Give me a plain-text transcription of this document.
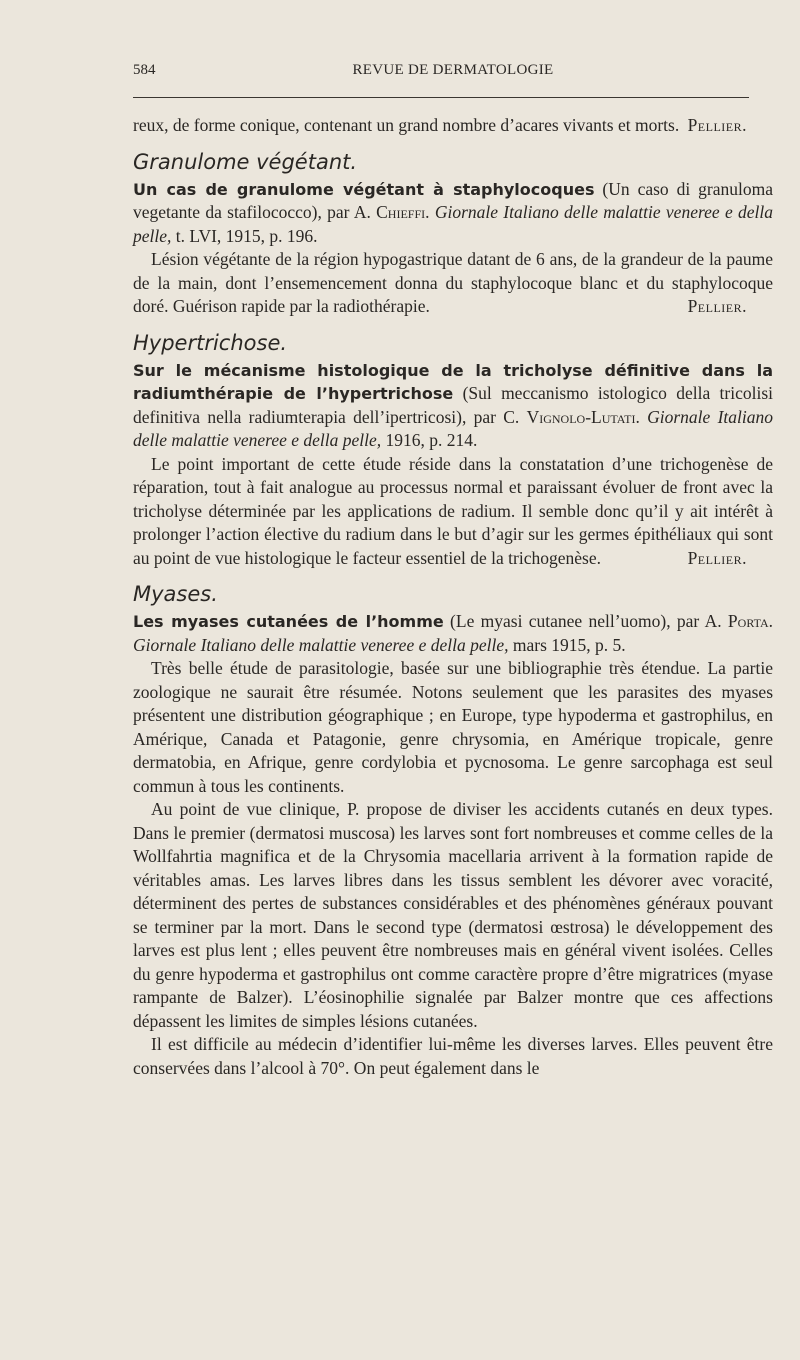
584	REVUE DE DERMATOLOGIE

reux, de forme conique, contenant un grand nombre d’acares vivants et morts. Pellier.

Granulome végétant.

Un cas de granulome végétant à staphylocoques (Un caso di granuloma vegetante da stafilococco), par A. Chieffi. Giornale Italiano delle malattie veneree e della pelle, t. LVI, 1915, p. 196.

Lésion végétante de la région hypogastrique datant de 6 ans, de la grandeur de la paume de la main, dont l’ensemencement donna du staphylocoque blanc et du staphylocoque doré. Guérison rapide par la radiothérapie.	Pellier.

Hypertrichose.

Sur le mécanisme histologique de la tricholyse définitive dans la radiumthérapie de l’hypertrichose (Sul meccanismo istologico della tricolisi definitiva nella radiumterapia dell’ipertricosi), par C. Vignolo-Lutati. Giornale Italiano delle malattie veneree e della pelle, 1916, p. 214.

Le point important de cette étude réside dans la constatation d’une trichogenèse de réparation, tout à fait analogue au processus normal et paraissant évoluer de front avec la tricholyse déterminée par les applications de radium. Il semble donc qu’il y ait intérêt à prolonger l’action élective du radium dans le but d’agir sur les germes épithéliaux qui sont au point de vue histologique le facteur essentiel de la trichogenèse.	Pellier.

Myases.

Les myases cutanées de l’homme (Le myasi cutanee nell’uomo), par A. Porta. Giornale Italiano delle malattie veneree e della pelle, mars 1915, p. 5.

Très belle étude de parasitologie, basée sur une bibliographie très étendue. La partie zoologique ne saurait être résumée. Notons seulement que les parasites des myases présentent une distribution géographique ; en Europe, type hypoderma et gastrophilus, en Amérique, Canada et Patagonie, genre chrysomia, en Amérique tropicale, genre dermatobia, en Afrique, genre cordylobia et pycnosoma. Le genre sarcophaga est seul commun à tous les continents.

Au point de vue clinique, P. propose de diviser les accidents cutanés en deux types. Dans le premier (dermatosi muscosa) les larves sont fort nombreuses et comme celles de la Wollfahrtia magnifica et de la Chrysomia macellaria arrivent à la formation rapide de véritables amas. Les larves libres dans les tissus semblent les dévorer avec voracité, déterminent des pertes de substances considérables et des phénomènes généraux pouvant se terminer par la mort. Dans le second type (dermatosi œstrosa) le développement des larves est plus lent ; elles peuvent être nombreuses mais en général vivent isolées. Celles du genre hypoderma et gastrophilus ont comme caractère propre d’être migratrices (myase rampante de Balzer). L’éosinophilie signalée par Balzer montre que ces affections dépassent les limites de simples lésions cutanées.

Il est difficile au médecin d’identifier lui-même les diverses larves. Elles peuvent être conservées dans l’alcool à 70°. On peut également dans le
